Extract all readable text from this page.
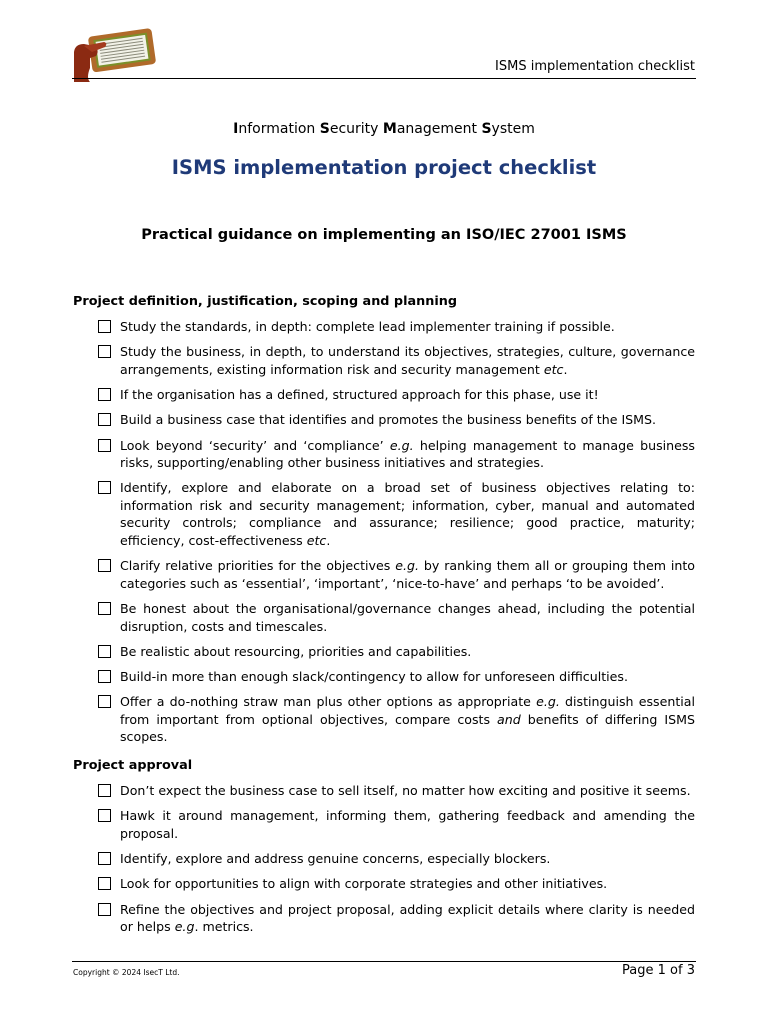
ISMS implementation checklist
Information Security Management System
ISMS implementation project checklist
Practical guidance on implementing an ISO/IEC 27001 ISMS
Project definition, justification, scoping and planning
Study the standards, in depth: complete lead implementer training if possible.
Study the business, in depth, to understand its objectives, strategies, culture, governance arrangements, existing information risk and security management etc.
If the organisation has a defined, structured approach for this phase, use it!
Build a business case that identifies and promotes the business benefits of the ISMS.
Look beyond ‘security’ and ‘compliance’ e.g. helping management to manage business risks, supporting/enabling other business initiatives and strategies.
Identify, explore and elaborate on a broad set of business objectives relating to: information risk and security management; information, cyber, manual and automated security controls; compliance and assurance; resilience; good practice, maturity; efficiency, cost-effectiveness etc.
Clarify relative priorities for the objectives e.g. by ranking them all or grouping them into categories such as ‘essential’, ‘important’, ‘nice-to-have’ and perhaps ‘to be avoided’.
Be honest about the organisational/governance changes ahead, including the potential disruption, costs and timescales.
Be realistic about resourcing, priorities and capabilities.
Build-in more than enough slack/contingency to allow for unforeseen difficulties.
Offer a do-nothing straw man plus other options as appropriate e.g. distinguish essential from important from optional objectives, compare costs and benefits of differing ISMS scopes.
Project approval
Don’t expect the business case to sell itself, no matter how exciting and positive it seems.
Hawk it around management, informing them, gathering feedback and amending the proposal.
Identify, explore and address genuine concerns, especially blockers.
Look for opportunities to align with corporate strategies and other initiatives.
Refine the objectives and project proposal, adding explicit details where clarity is needed or helps e.g. metrics.
Copyright © 2024 IsecT Ltd.	Page 1 of 3
